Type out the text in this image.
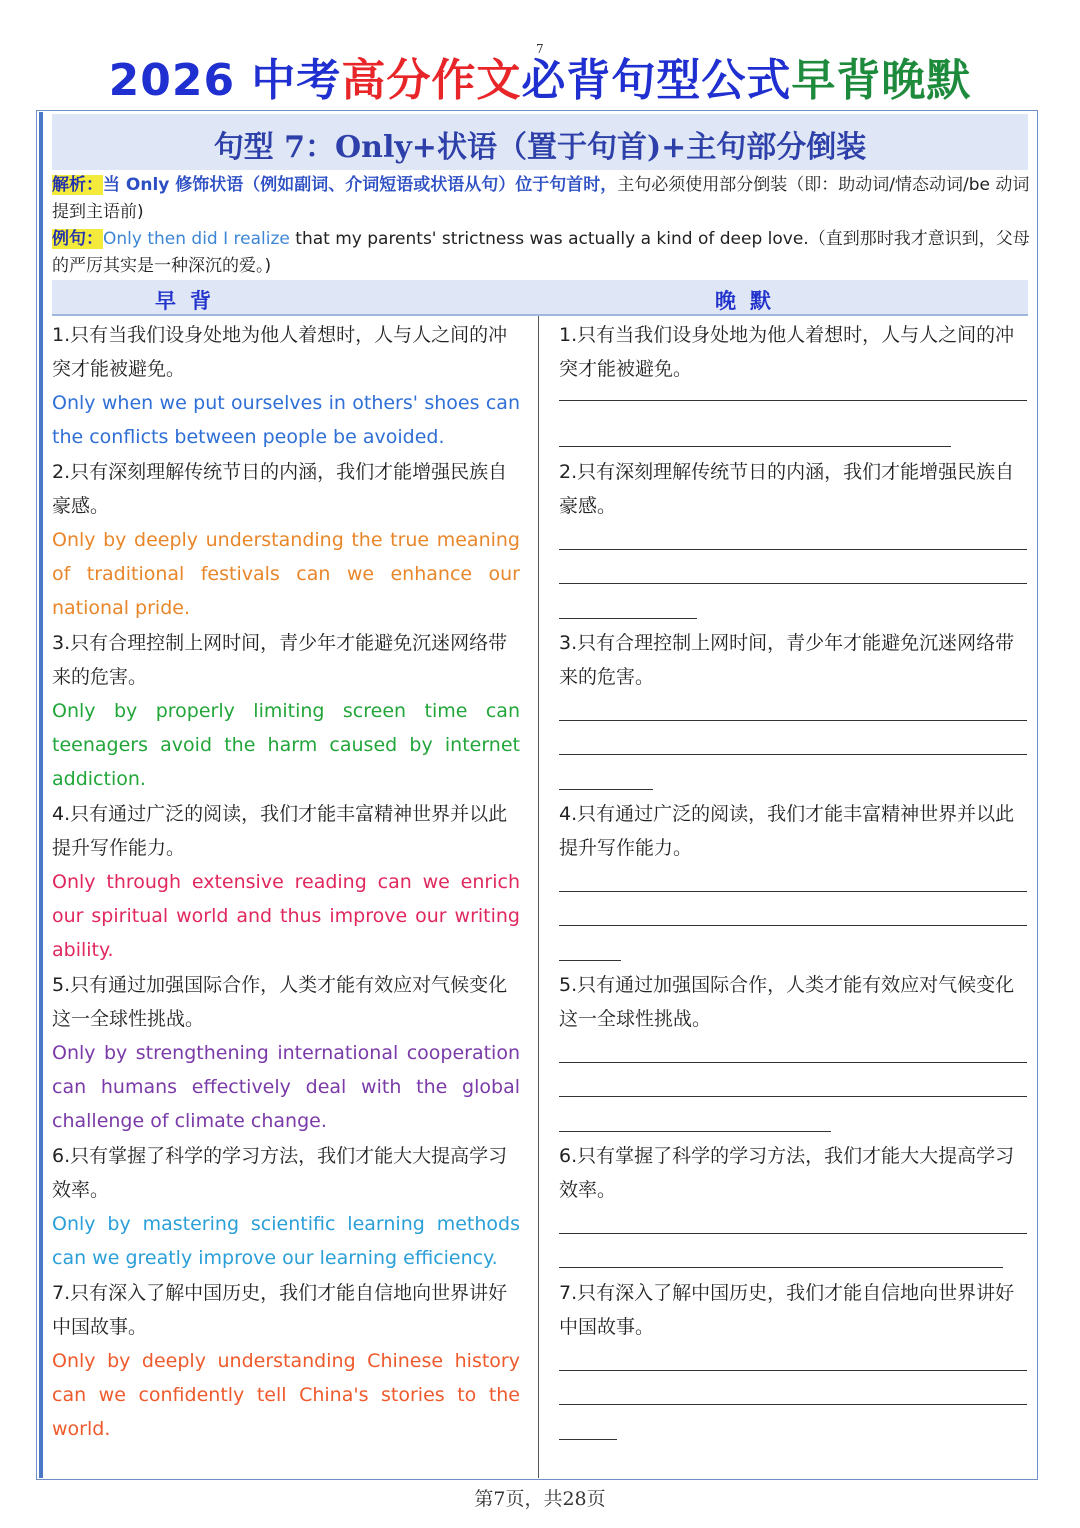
7
2026 中考高分作文必背句型公式早背晚默
句型 7：Only+状语（置于句首)+主句部分倒装
解析：当 Only 修饰状语（例如副词、介词短语或状语从句）位于句首时，主句必须使用部分倒装（即：助动词/情态动词/be 动词提到主语前)
例句：Only then did I realize that my parents' strictness was actually a kind of deep love.（直到那时我才意识到，父母的严厉其实是一种深沉的爱。)
早背	晚默
1.只有当我们设身处地为他人着想时，人与人之间的冲突才能被避免。
Only when we put ourselves in others' shoes can the conflicts between people be avoided.
1.只有当我们设身处地为他人着想时，人与人之间的冲突才能被避免。
2.只有深刻理解传统节日的内涵，我们才能增强民族自豪感。
Only by deeply understanding the true meaning of traditional festivals can we enhance our national pride.
2.只有深刻理解传统节日的内涵，我们才能增强民族自豪感。
3.只有合理控制上网时间，青少年才能避免沉迷网络带来的危害。
Only by properly limiting screen time can teenagers avoid the harm caused by internet addiction.
3.只有合理控制上网时间，青少年才能避免沉迷网络带来的危害。
4.只有通过广泛的阅读，我们才能丰富精神世界并以此提升写作能力。
Only through extensive reading can we enrich our spiritual world and thus improve our writing ability.
4.只有通过广泛的阅读，我们才能丰富精神世界并以此提升写作能力。
5.只有通过加强国际合作，人类才能有效应对气候变化这一全球性挑战。
Only by strengthening international cooperation can humans effectively deal with the global challenge of climate change.
5.只有通过加强国际合作，人类才能有效应对气候变化这一全球性挑战。
6.只有掌握了科学的学习方法，我们才能大大提高学习效率。
Only by mastering scientific learning methods can we greatly improve our learning efficiency.
6.只有掌握了科学的学习方法，我们才能大大提高学习效率。
7.只有深入了解中国历史，我们才能自信地向世界讲好中国故事。
Only by deeply understanding Chinese history can we confidently tell China's stories to the world.
7.只有深入了解中国历史，我们才能自信地向世界讲好中国故事。
第7页，共28页
